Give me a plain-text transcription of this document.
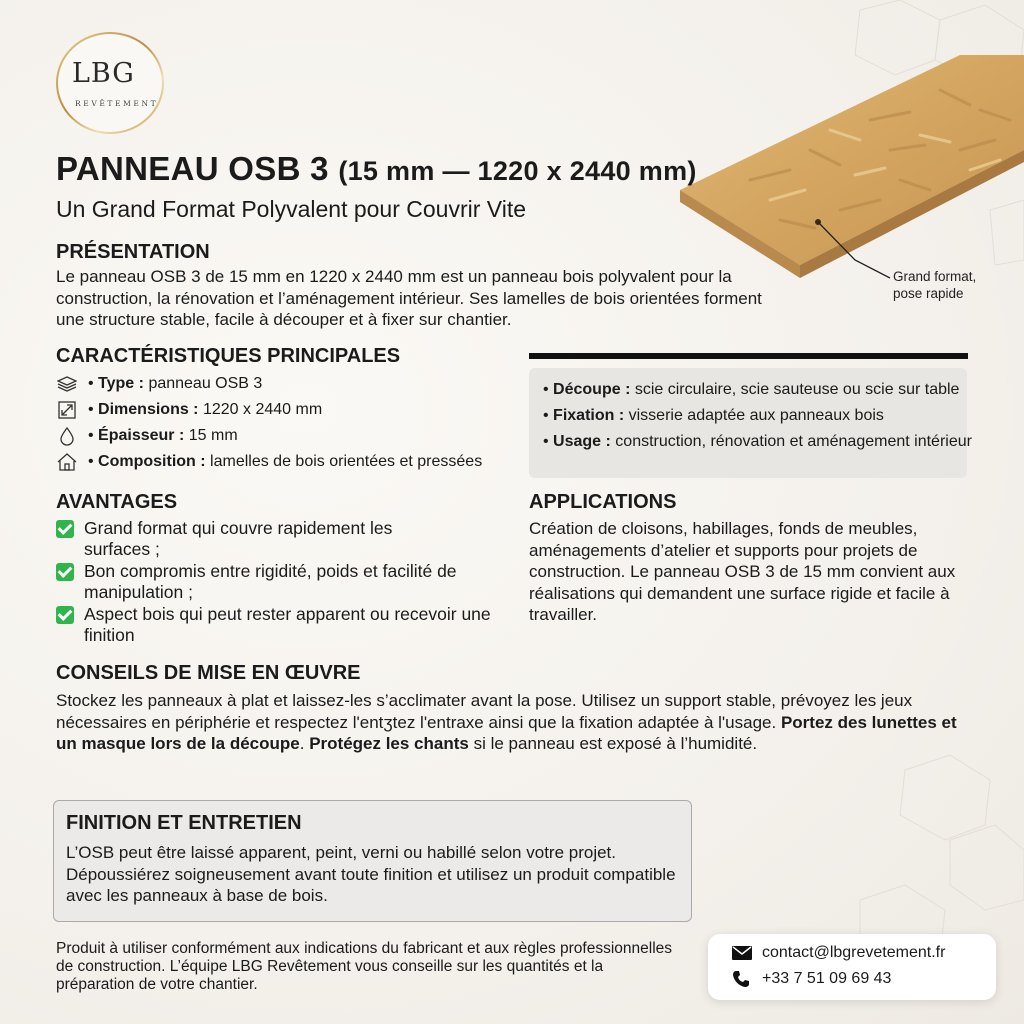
Grand format,
pose rapide
LBG
REVÊTEMENT
PANNEAU OSB 3 (15 mm — 1220 x 2440 mm)
Un Grand Format Polyvalent pour Couvrir Vite
PRÉSENTATION
Le panneau OSB 3 de 15 mm en 1220 x 2440 mm est un panneau bois polyvalent pour la construction, la rénovation et l’aménagement intérieur. Ses lamelles de bois orientées forment une structure stable, facile à découper et à fixer sur chantier.
CARACTÉRISTIQUES PRINCIPALES
• Type : panneau OSB 3
• Dimensions : 1220 x 2440 mm
• Épaisseur : 15 mm
• Composition : lamelles de bois orientées et pressées
• Découpe : scie circulaire, scie sauteuse ou scie sur table
• Fixation : visserie adaptée aux panneaux bois
• Usage : construction, rénovation et aménagement intérieur
AVANTAGES
Grand format qui couvre rapidement les surfaces ;
Bon compromis entre rigidité, poids et facilité de manipulation ;
Aspect bois qui peut rester apparent ou recevoir une finition
APPLICATIONS
Création de cloisons, habillages, fonds de meubles, aménagements d’atelier et supports pour projets de construction. Le panneau OSB 3 de 15 mm convient aux réalisations qui demandent une surface rigide et facile à travailler.
CONSEILS DE MISE EN ŒUVRE
Stockez les panneaux à plat et laissez-les s’acclimater avant la pose. Utilisez un support stable, prévoyez les jeux nécessaires en périphérie et respectez l'entʒtez l'entraxe ainsi que la fixation adaptée à l'usage. Portez des lunettes et un masque lors de la découpe. Protégez les chants si le panneau est exposé à l’humidité.
FINITION ET ENTRETIEN
L’OSB peut être laissé apparent, peint, verni ou habillé selon votre projet. Dépoussiérez soigneusement avant toute finition et utilisez un produit compatible avec les panneaux à base de bois.
Produit à utiliser conformément aux indications du fabricant et aux règles professionnelles de construction. L’équipe LBG Revêtement vous conseille sur les quantités et la préparation de votre chantier.
contact@lbgrevetement.fr
+33 7 51 09 69 43
